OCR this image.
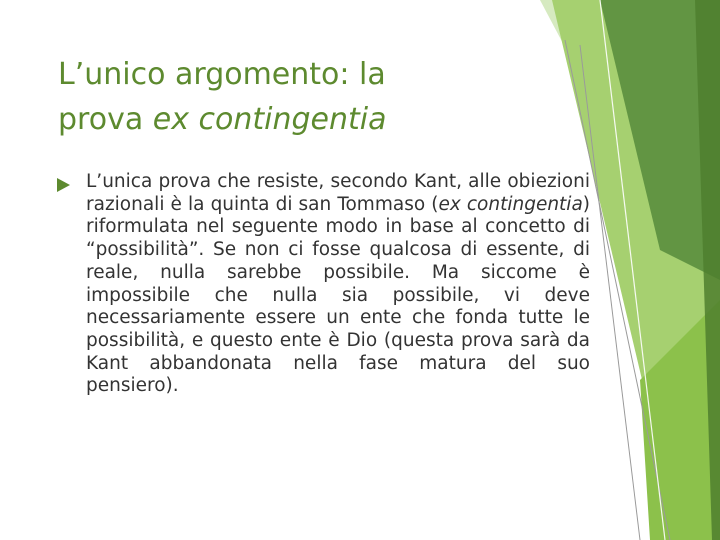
L’unico argomento: la
prova ex contingentia

L’unica prova che resiste, secondo Kant, alle obiezioni razionali è la quinta di san Tommaso (ex contingentia) riformulata nel seguente modo in base al concetto di “possibilità”. Se non ci fosse qualcosa di essente, di reale, nulla sarebbe possibile. Ma siccome è impossibile che nulla sia possibile, vi deve necessariamente essere un ente che fonda tutte le possibilità, e questo ente è Dio (questa prova sarà da Kant abbandonata nella fase matura del suo pensiero).
